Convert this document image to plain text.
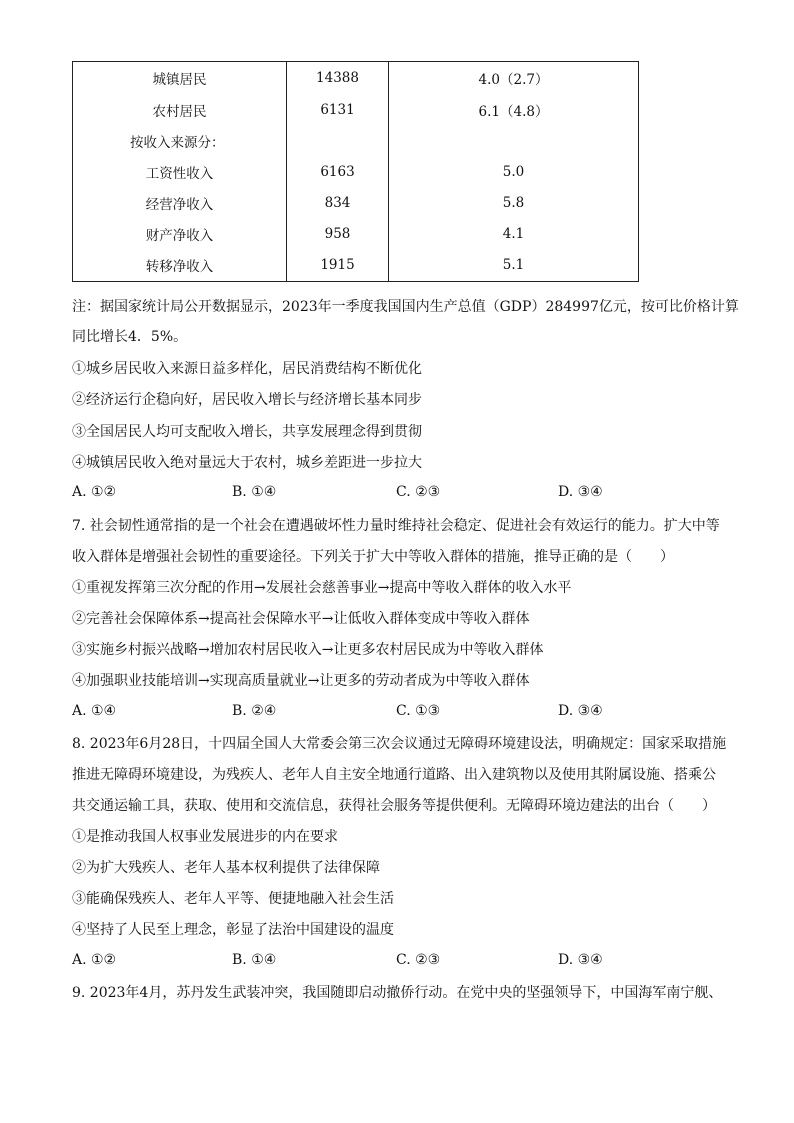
城镇居民	14388	4.0（2.7）
农村居民	6131	6.1（4.8）
按收入来源分：		
工资性收入	6163	5.0
经营净收入	834	5.8
财产净收入	958	4.1
转移净收入	1915	5.1
注：据国家统计局公开数据显示，2023年一季度我国国内生产总值（GDP）284997亿元，按可比价格计算
同比增长4．5%。
①城乡居民收入来源日益多样化，居民消费结构不断优化
②经济运行企稳向好，居民收入增长与经济增长基本同步
③全国居民人均可支配收入增长，共享发展理念得到贯彻
④城镇居民收入绝对量远大于农村，城乡差距进一步拉大
A. ①②	B. ①④	C. ②③	D. ③④
7. 社会韧性通常指的是一个社会在遭遇破坏性力量时维持社会稳定、促进社会有效运行的能力。扩大中等
收入群体是增强社会韧性的重要途径。下列关于扩大中等收入群体的措施，推导正确的是（　　）
①重视发挥第三次分配的作用→发展社会慈善事业→提高中等收入群体的收入水平
②完善社会保障体系→提高社会保障水平→让低收入群体变成中等收入群体
③实施乡村振兴战略→增加农村居民收入→让更多农村居民成为中等收入群体
④加强职业技能培训→实现高质量就业→让更多的劳动者成为中等收入群体
A. ①④	B. ②④	C. ①③	D. ③④
8. 2023年6月28日，十四届全国人大常委会第三次会议通过无障碍环境建设法，明确规定：国家采取措施
推进无障碍环境建设，为残疾人、老年人自主安全地通行道路、出入建筑物以及使用其附属设施、搭乘公
共交通运输工具，获取、使用和交流信息，获得社会服务等提供便利。无障碍环境边建法的出台（　　）
①是推动我国人权事业发展进步的内在要求
②为扩大残疾人、老年人基本权利提供了法律保障
③能确保残疾人、老年人平等、便捷地融入社会生活
④坚持了人民至上理念，彰显了法治中国建设的温度
A. ①②	B. ①④	C. ②③	D. ③④
9. 2023年4月，苏丹发生武装冲突，我国随即启动撤侨行动。在党中央的坚强领导下，中国海军南宁舰、
